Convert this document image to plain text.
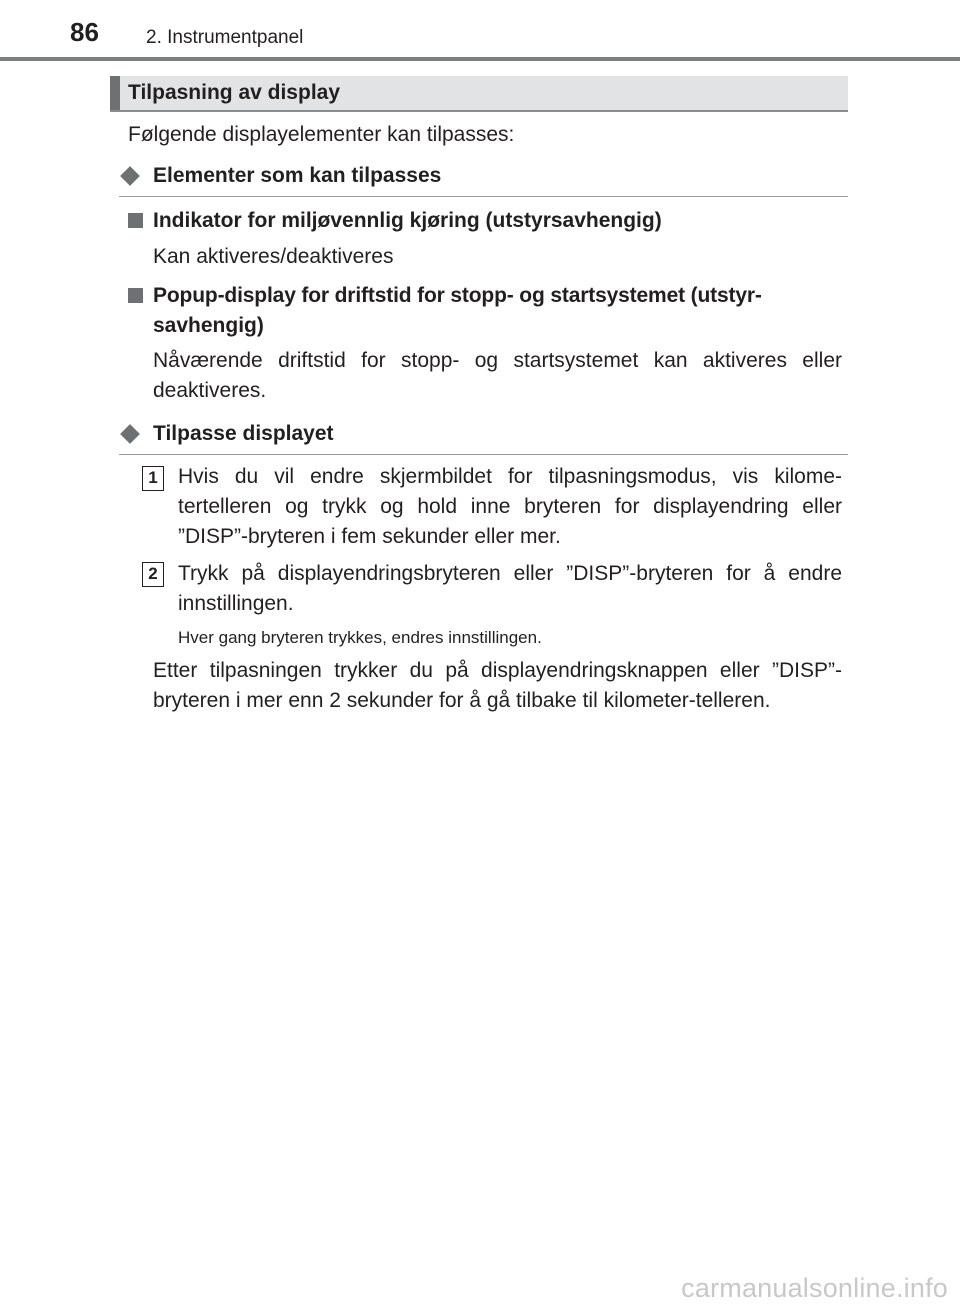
86 2. Instrumentpanel
Tilpasning av display
Følgende displayelementer kan tilpasses:
Elementer som kan tilpasses
Indikator for miljøvennlig kjøring (utstyrsavhengig)
Kan aktiveres/deaktiveres
Popup-display for driftstid for stopp- og startsystemet (utstyr-
savhengig)
Nåværende driftstid for stopp- og startsystemet kan aktiveres eller deaktiveres.
Tilpasse displayet
1 Hvis du vil endre skjermbildet for tilpasningsmodus, vis kilome-tertelleren og trykk og hold inne bryteren for displayendring eller ”DISP”-bryteren i fem sekunder eller mer.
2 Trykk på displayendringsbryteren eller ”DISP”-bryteren for å endre innstillingen.
Hver gang bryteren trykkes, endres innstillingen.
Etter tilpasningen trykker du på displayendringsknappen eller ”DISP”-bryteren i mer enn 2 sekunder for å gå tilbake til kilometer-telleren.
carmanualsonline.info
